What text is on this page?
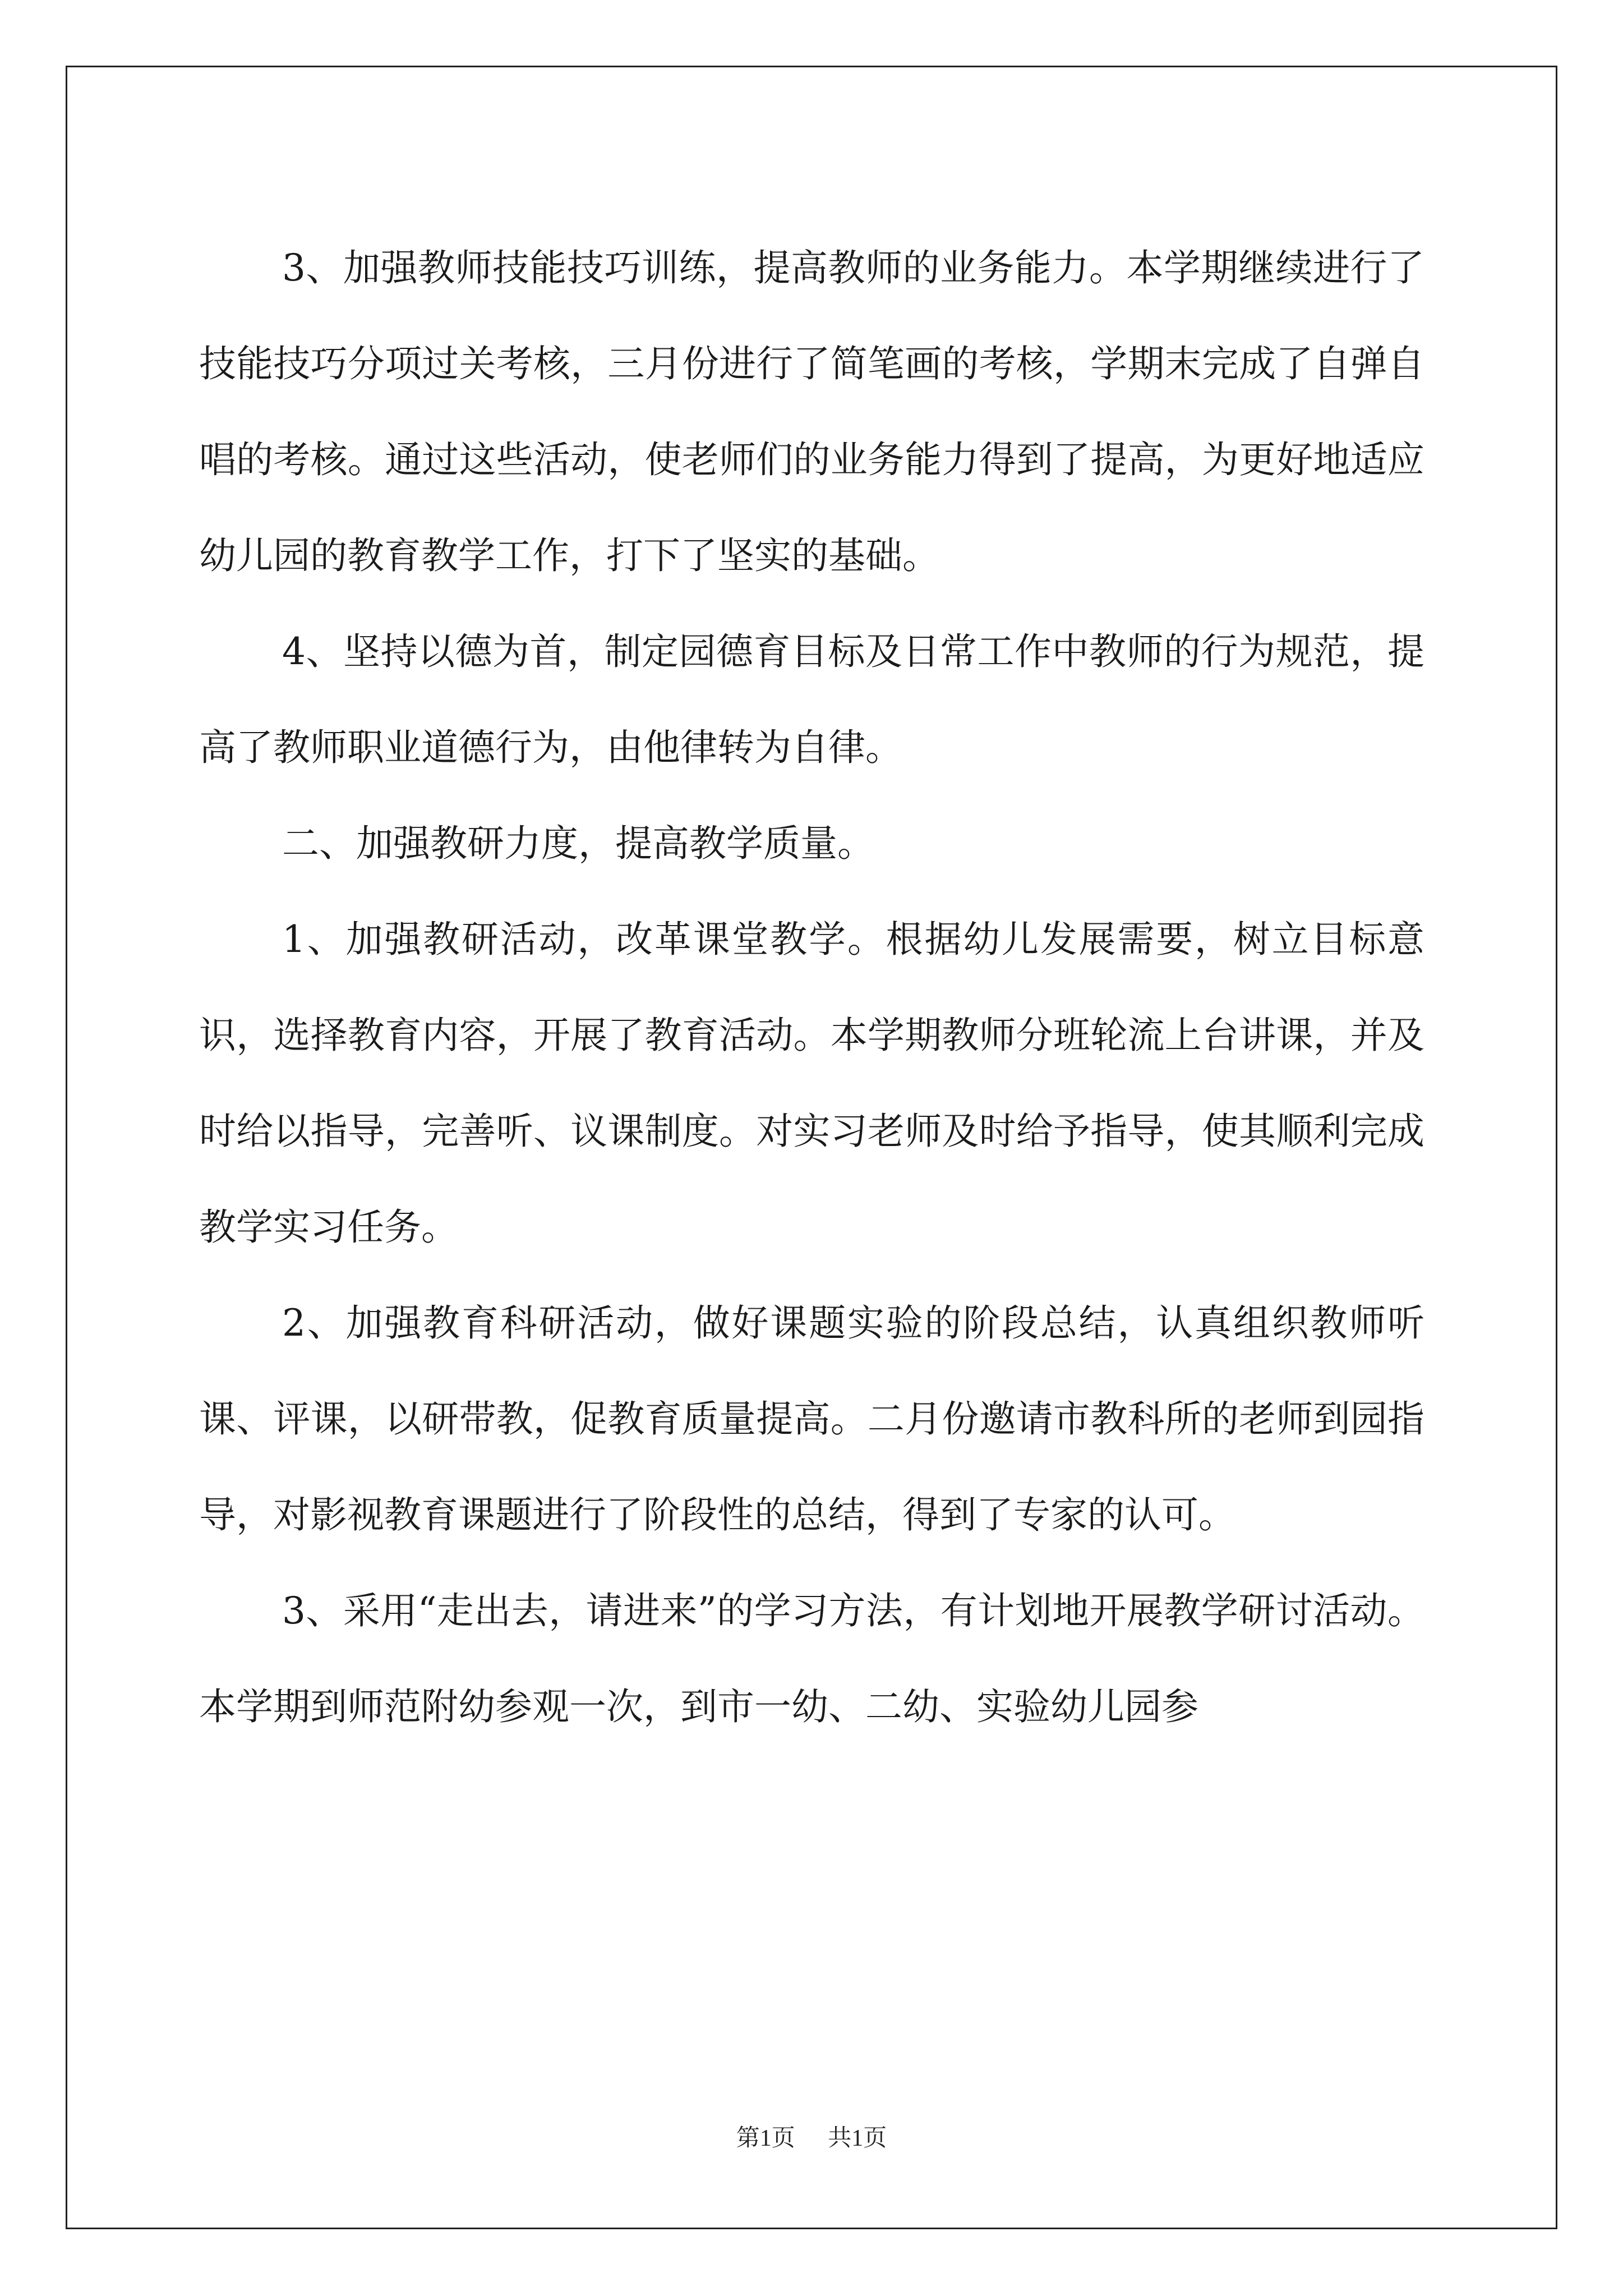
3、加强教师技能技巧训练，提高教师的业务能力。本学期继续进行了技能技巧分项过关考核，三月份进行了简笔画的考核，学期末完成了自弹自唱的考核。通过这些活动，使老师们的业务能力得到了提高，为更好地适应幼儿园的教育教学工作，打下了坚实的基础。

4、坚持以德为首，制定园德育目标及日常工作中教师的行为规范，提高了教师职业道德行为，由他律转为自律。

二、加强教研力度，提高教学质量。

1、加强教研活动，改革课堂教学。根据幼儿发展需要，树立目标意识，选择教育内容，开展了教育活动。本学期教师分班轮流上台讲课，并及时给以指导，完善听、议课制度。对实习老师及时给予指导，使其顺利完成教学实习任务。

2、加强教育科研活动，做好课题实验的阶段总结，认真组织教师听课、评课，以研带教，促教育质量提高。二月份邀请市教科所的老师到园指导，对影视教育课题进行了阶段性的总结，得到了专家的认可。

3、采用“走出去，请进来”的学习方法，有计划地开展教学研讨活动。本学期到师范附幼参观一次，到市一幼、二幼、实验幼儿园参

第1页 共1页
